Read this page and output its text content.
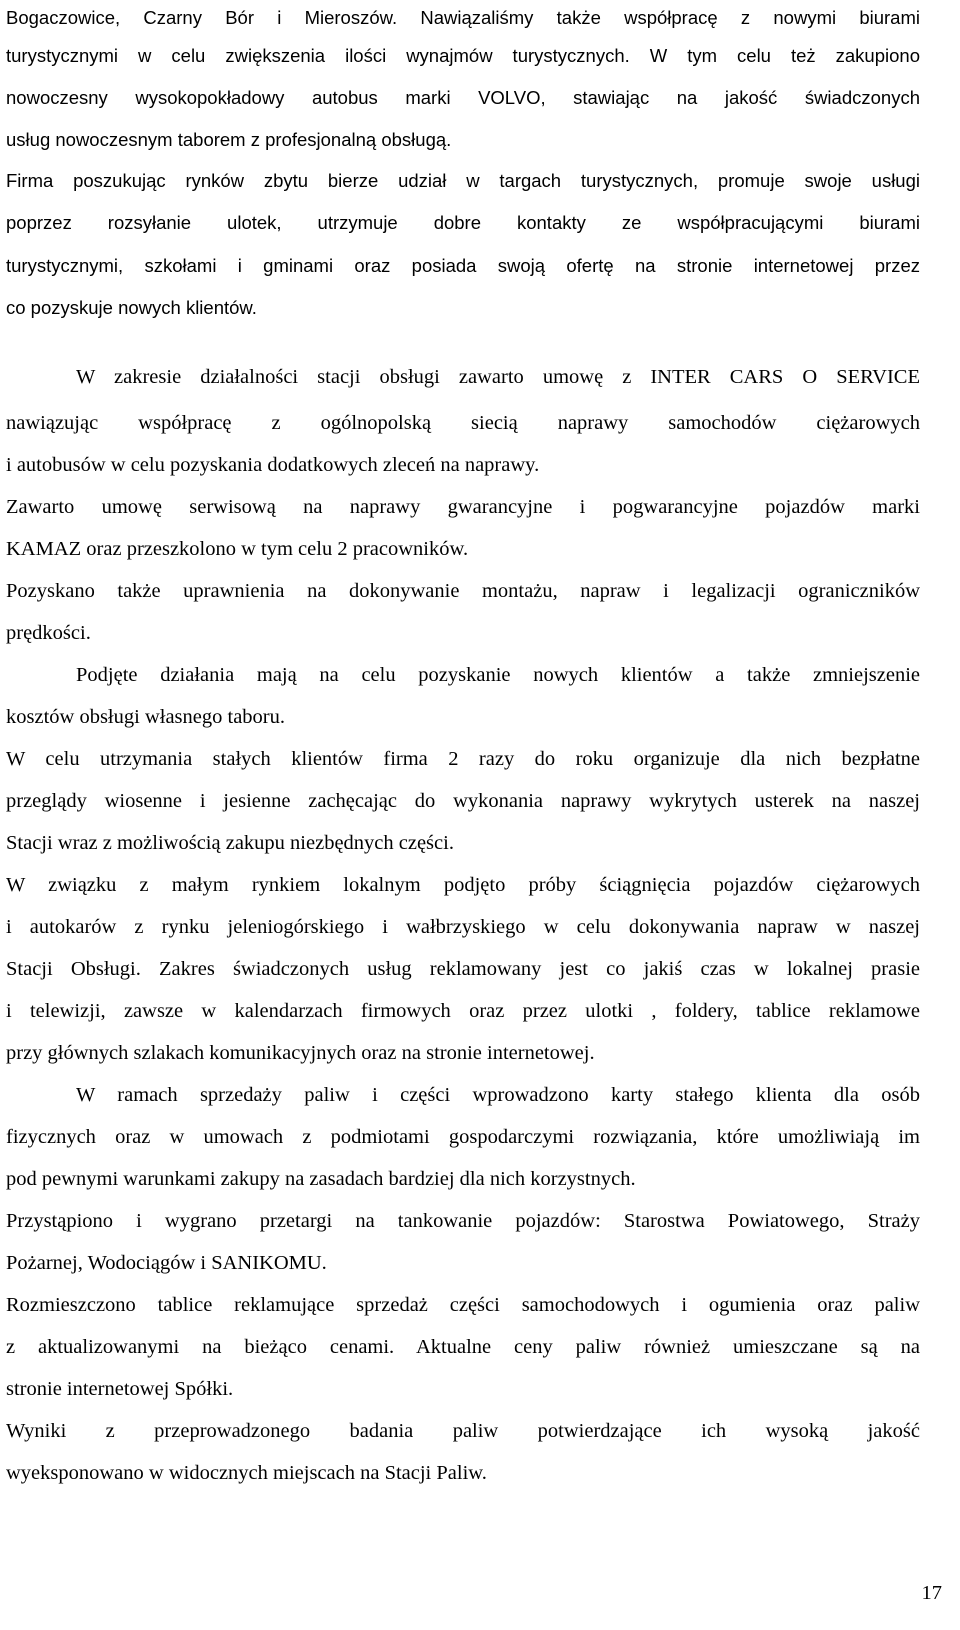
Bogaczowice, Czarny Bór i Mieroszów. Nawiązaliśmy także współpracę z nowymi biurami
turystycznymi w celu zwiększenia ilości wynajmów turystycznych. W tym celu też zakupiono
nowoczesny wysokopokładowy autobus marki VOLVO, stawiając na jakość świadczonych
usług nowoczesnym taborem z profesjonalną obsługą.
Firma poszukując rynków zbytu bierze udział w targach turystycznych, promuje swoje usługi
poprzez rozsyłanie ulotek, utrzymuje dobre kontakty ze współpracującymi biurami
turystycznymi, szkołami i gminami oraz posiada swoją ofertę na stronie internetowej przez
co pozyskuje nowych klientów.
W zakresie działalności stacji obsługi zawarto umowę z INTER CARS O SERVICE
nawiązując współpracę z ogólnopolską siecią naprawy samochodów ciężarowych
i autobusów w celu pozyskania dodatkowych zleceń na naprawy.
Zawarto umowę serwisową na naprawy gwarancyjne i pogwarancyjne pojazdów marki
KAMAZ oraz przeszkolono w tym celu 2 pracowników.
Pozyskano także uprawnienia na dokonywanie montażu, napraw i legalizacji ograniczników
prędkości.
Podjęte działania mają na celu pozyskanie nowych klientów a także zmniejszenie
kosztów obsługi własnego taboru.
W celu utrzymania stałych klientów firma 2 razy do roku organizuje dla nich bezpłatne
przeglądy wiosenne i jesienne zachęcając do wykonania naprawy wykrytych usterek na naszej
Stacji wraz z możliwością zakupu niezbędnych części.
W związku z małym rynkiem lokalnym podjęto próby ściągnięcia pojazdów ciężarowych
i autokarów z rynku jeleniogórskiego i wałbrzyskiego w celu dokonywania napraw w naszej
Stacji Obsługi. Zakres świadczonych usług reklamowany jest co jakiś czas w lokalnej prasie
i telewizji, zawsze w kalendarzach firmowych oraz przez ulotki , foldery, tablice reklamowe
przy głównych szlakach komunikacyjnych oraz na stronie internetowej.
W ramach sprzedaży paliw i części wprowadzono karty stałego klienta dla osób
fizycznych oraz w umowach z podmiotami gospodarczymi rozwiązania, które umożliwiają im
pod pewnymi warunkami zakupy na zasadach bardziej dla nich korzystnych.
Przystąpiono i wygrano przetargi na tankowanie pojazdów: Starostwa Powiatowego, Straży
Pożarnej, Wodociągów i SANIKOMU.
Rozmieszczono tablice reklamujące sprzedaż części samochodowych i ogumienia oraz paliw
z aktualizowanymi na bieżąco cenami. Aktualne ceny paliw również umieszczane są na
stronie internetowej Spółki.
Wyniki z przeprowadzonego badania paliw potwierdzające ich wysoką jakość
wyeksponowano w widocznych miejscach na Stacji Paliw.
17
